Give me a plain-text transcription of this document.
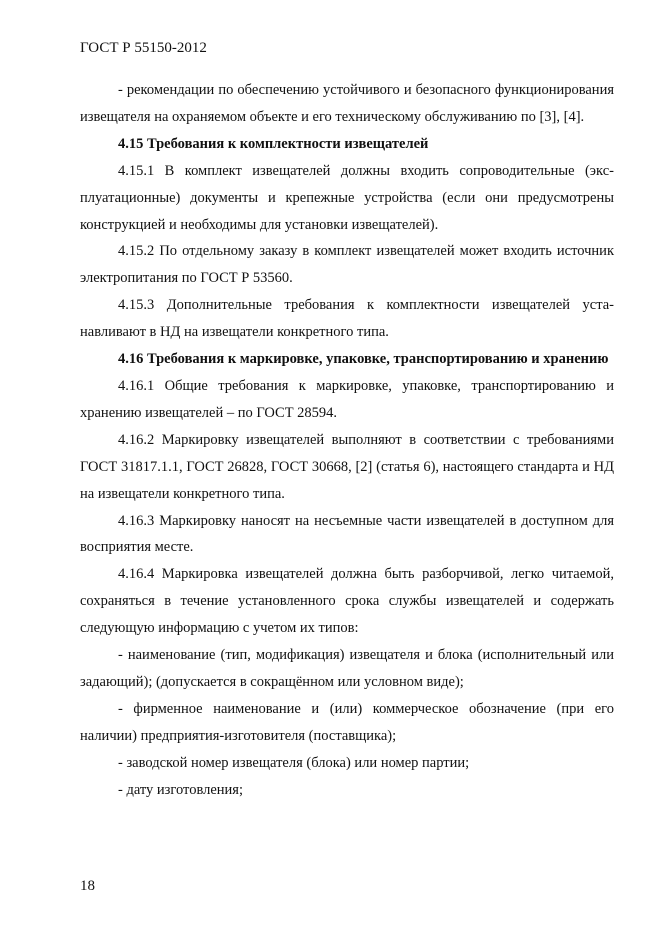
ГОСТ Р 55150-2012

- рекомендации по обеспечению устойчивого и безопасного функционирования извещателя на охраняемом объекте и его техническому обслуживанию по [3], [4].

4.15 Требования к комплектности извещателей

4.15.1 В комплект извещателей должны входить сопроводительные (эксплуатационные) документы и крепежные устройства (если они предусмотрены конструкцией и необходимы для установки извещателей).

4.15.2 По отдельному заказу в комплект извещателей может входить источник электропитания по ГОСТ Р 53560.

4.15.3 Дополнительные требования к комплектности извещателей устанавливают в НД на извещатели конкретного типа.

4.16 Требования к маркировке, упаковке, транспортированию и хранению

4.16.1 Общие требования к маркировке, упаковке, транспортированию и хранению извещателей – по ГОСТ 28594.

4.16.2 Маркировку извещателей выполняют в соответствии с требованиями ГОСТ 31817.1.1, ГОСТ 26828, ГОСТ 30668, [2] (статья 6), настоящего стандарта и НД на извещатели конкретного типа.

4.16.3 Маркировку наносят на несъемные части извещателей в доступном для восприятия месте.

4.16.4 Маркировка извещателей должна быть разборчивой, легко читаемой, сохраняться в течение установленного срока службы извещателей и содержать следующую информацию с учетом их типов:

- наименование (тип, модификация) извещателя и блока (исполнительный или задающий); (допускается в сокращённом или условном виде);

- фирменное наименование и (или) коммерческое обозначение (при его наличии) предприятия-изготовителя (поставщика);

- заводской номер извещателя (блока) или номер партии;

- дату изготовления;

18
